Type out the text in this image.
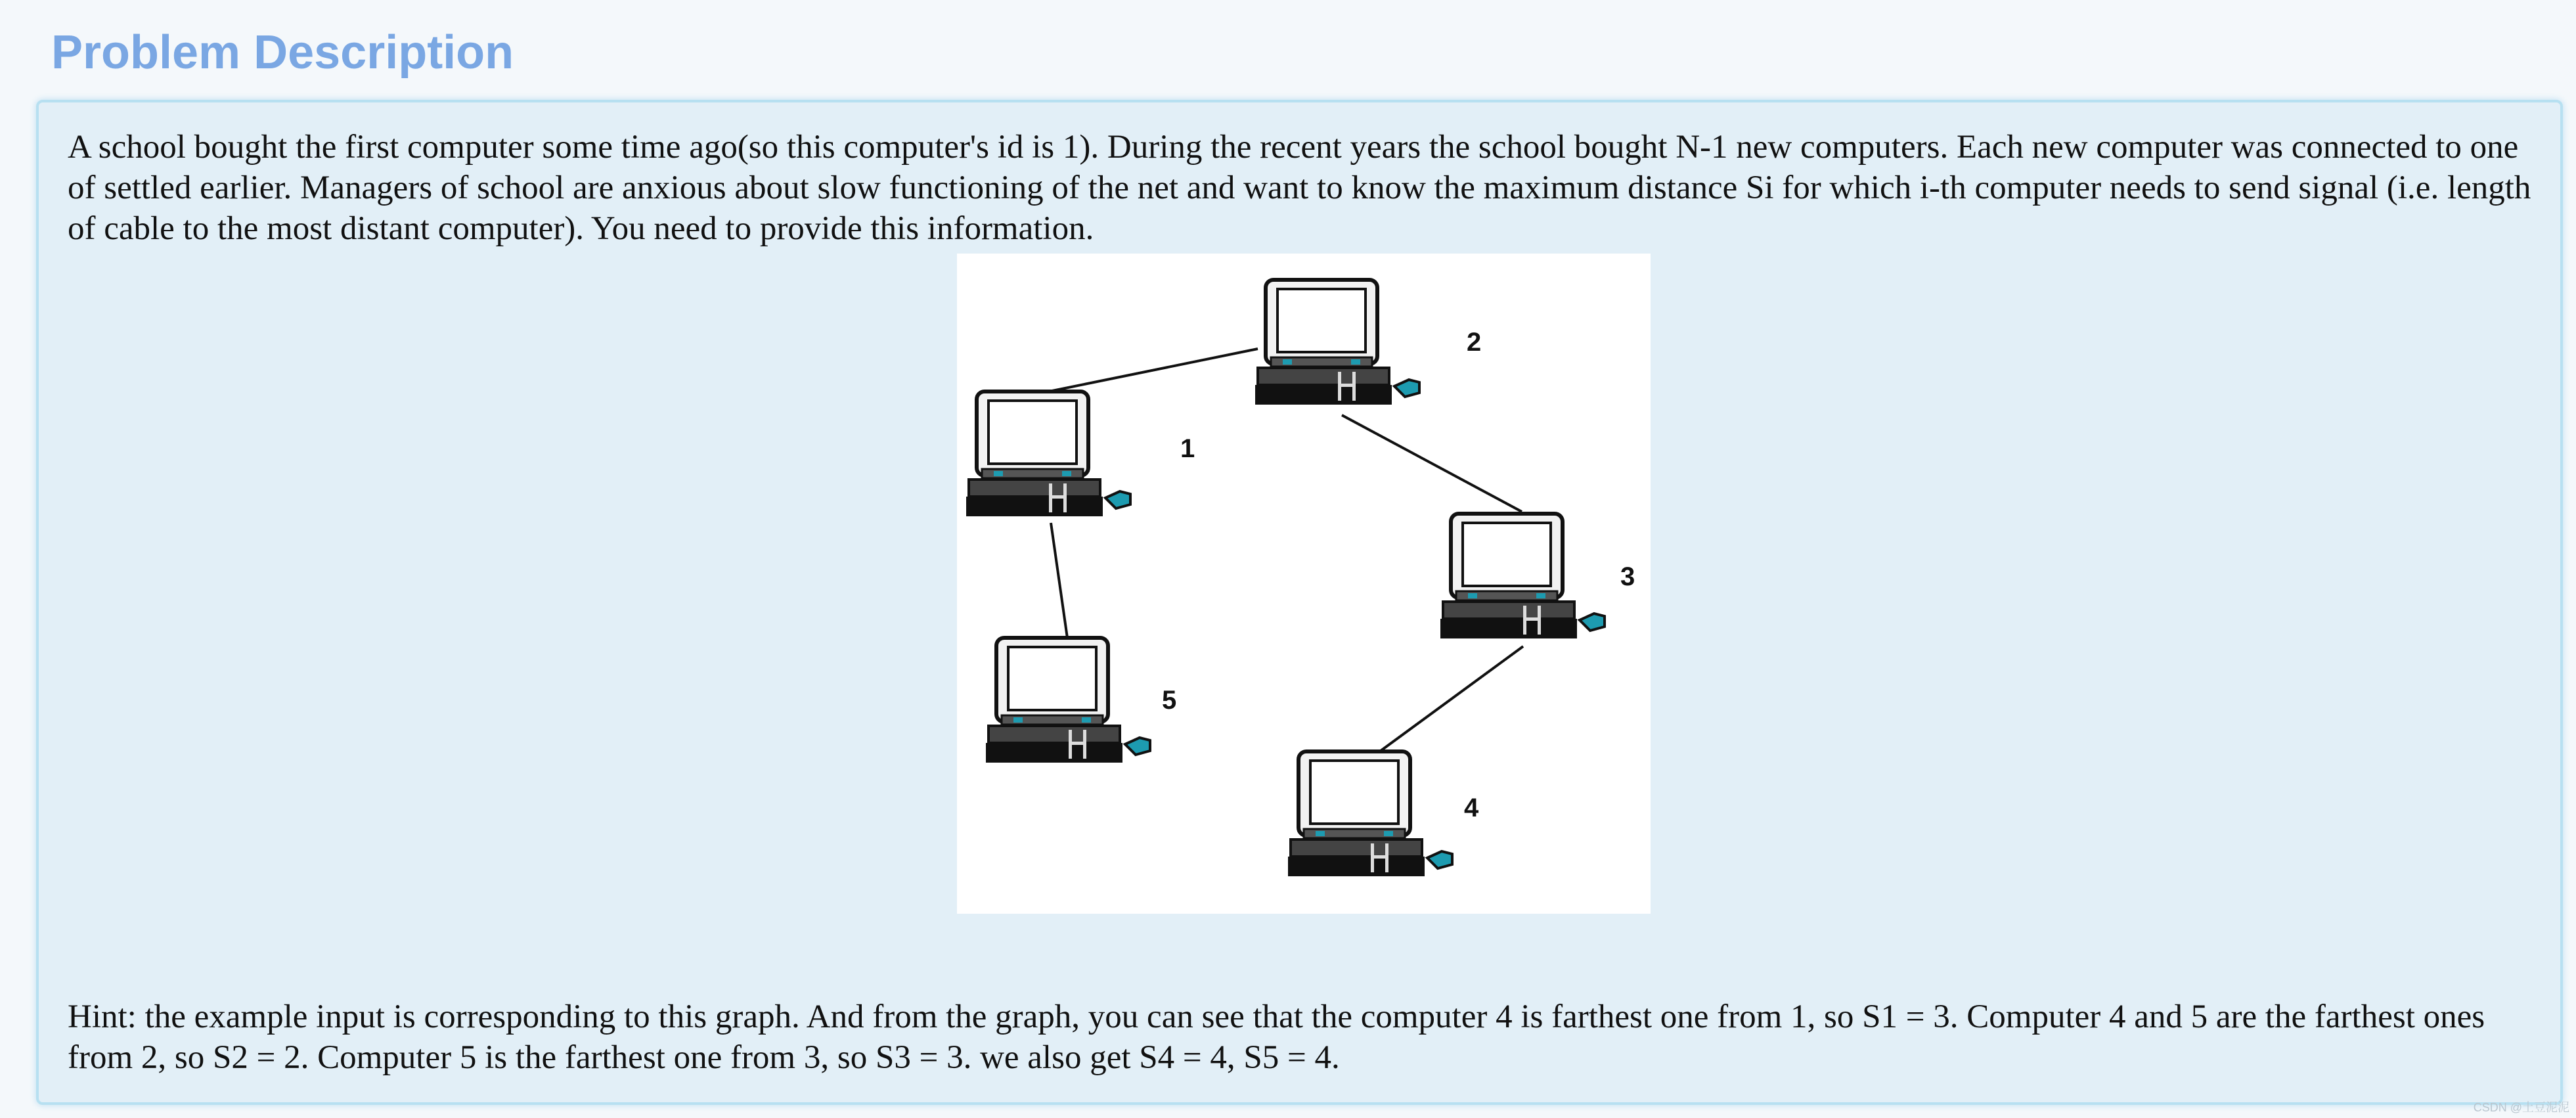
Problem Description

A school bought the first computer some time ago(so this computer's id is 1). During the recent years the school bought N-1 new computers. Each new computer was connected to one of settled earlier. Managers of school are anxious about slow functioning of the net and want to know the maximum distance Si for which i-th computer needs to send signal (i.e. length of cable to the most distant computer). You need to provide this information.

1
2
3
4
5

Hint: the example input is corresponding to this graph. And from the graph, you can see that the computer 4 is farthest one from 1, so S1 = 3. Computer 4 and 5 are the farthest ones from 2, so S2 = 2. Computer 5 is the farthest one from 3, so S3 = 3. we also get S4 = 4, S5 = 4.

CSDN @土豆泥泥
